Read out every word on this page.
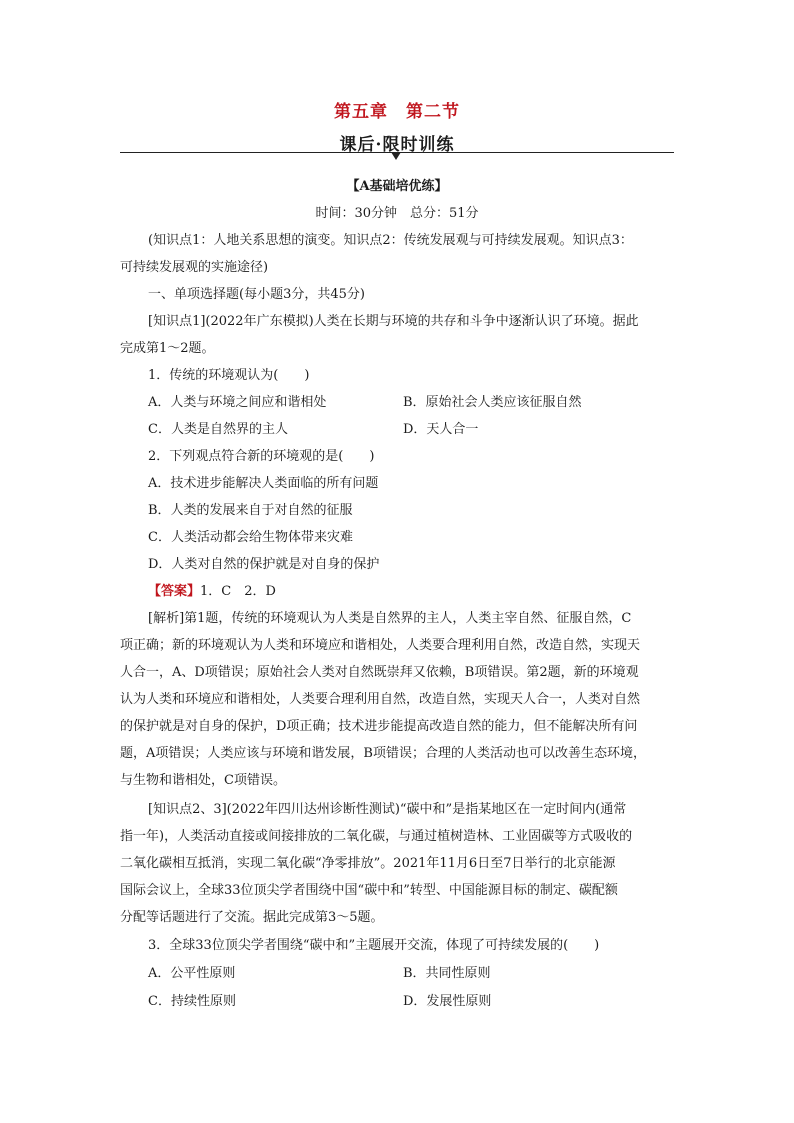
第五章　第二节
课后·限时训练
【A基础培优练】
时间：30分钟　总分：51分
(知识点1：人地关系思想的演变。知识点2：传统发展观与可持续发展观。知识点3：
可持续发展观的实施途径)
一、单项选择题(每小题3分，共45分)
[知识点1](2022年广东模拟)人类在长期与环境的共存和斗争中逐渐认识了环境。据此
完成第1～2题。
1．传统的环境观认为(　　)
A．人类与环境之间应和谐相处	B．原始社会人类应该征服自然
C．人类是自然界的主人	D．天人合一
2．下列观点符合新的环境观的是(　　)
A．技术进步能解决人类面临的所有问题
B．人类的发展来自于对自然的征服
C．人类活动都会给生物体带来灾难
D．人类对自然的保护就是对自身的保护
【答案】1．C　2．D
[解析]第1题，传统的环境观认为人类是自然界的主人，人类主宰自然、征服自然，C
项正确；新的环境观认为人类和环境应和谐相处，人类要合理利用自然，改造自然，实现天
人合一，A、D项错误；原始社会人类对自然既崇拜又依赖，B项错误。第2题，新的环境观
认为人类和环境应和谐相处，人类要合理利用自然，改造自然，实现天人合一，人类对自然
的保护就是对自身的保护，D项正确；技术进步能提高改造自然的能力，但不能解决所有问
题，A项错误；人类应该与环境和谐发展，B项错误；合理的人类活动也可以改善生态环境，
与生物和谐相处，C项错误。
[知识点2、3](2022年四川达州诊断性测试)“碳中和”是指某地区在一定时间内(通常
指一年)，人类活动直接或间接排放的二氧化碳，与通过植树造林、工业固碳等方式吸收的
二氧化碳相互抵消，实现二氧化碳“净零排放”。2021年11月6日至7日举行的北京能源
国际会议上，全球33位顶尖学者围绕中国“碳中和”转型、中国能源目标的制定、碳配额
分配等话题进行了交流。据此完成第3～5题。
3．全球33位顶尖学者围绕“碳中和”主题展开交流，体现了可持续发展的(　　)
A．公平性原则	B．共同性原则
C．持续性原则	D．发展性原则
